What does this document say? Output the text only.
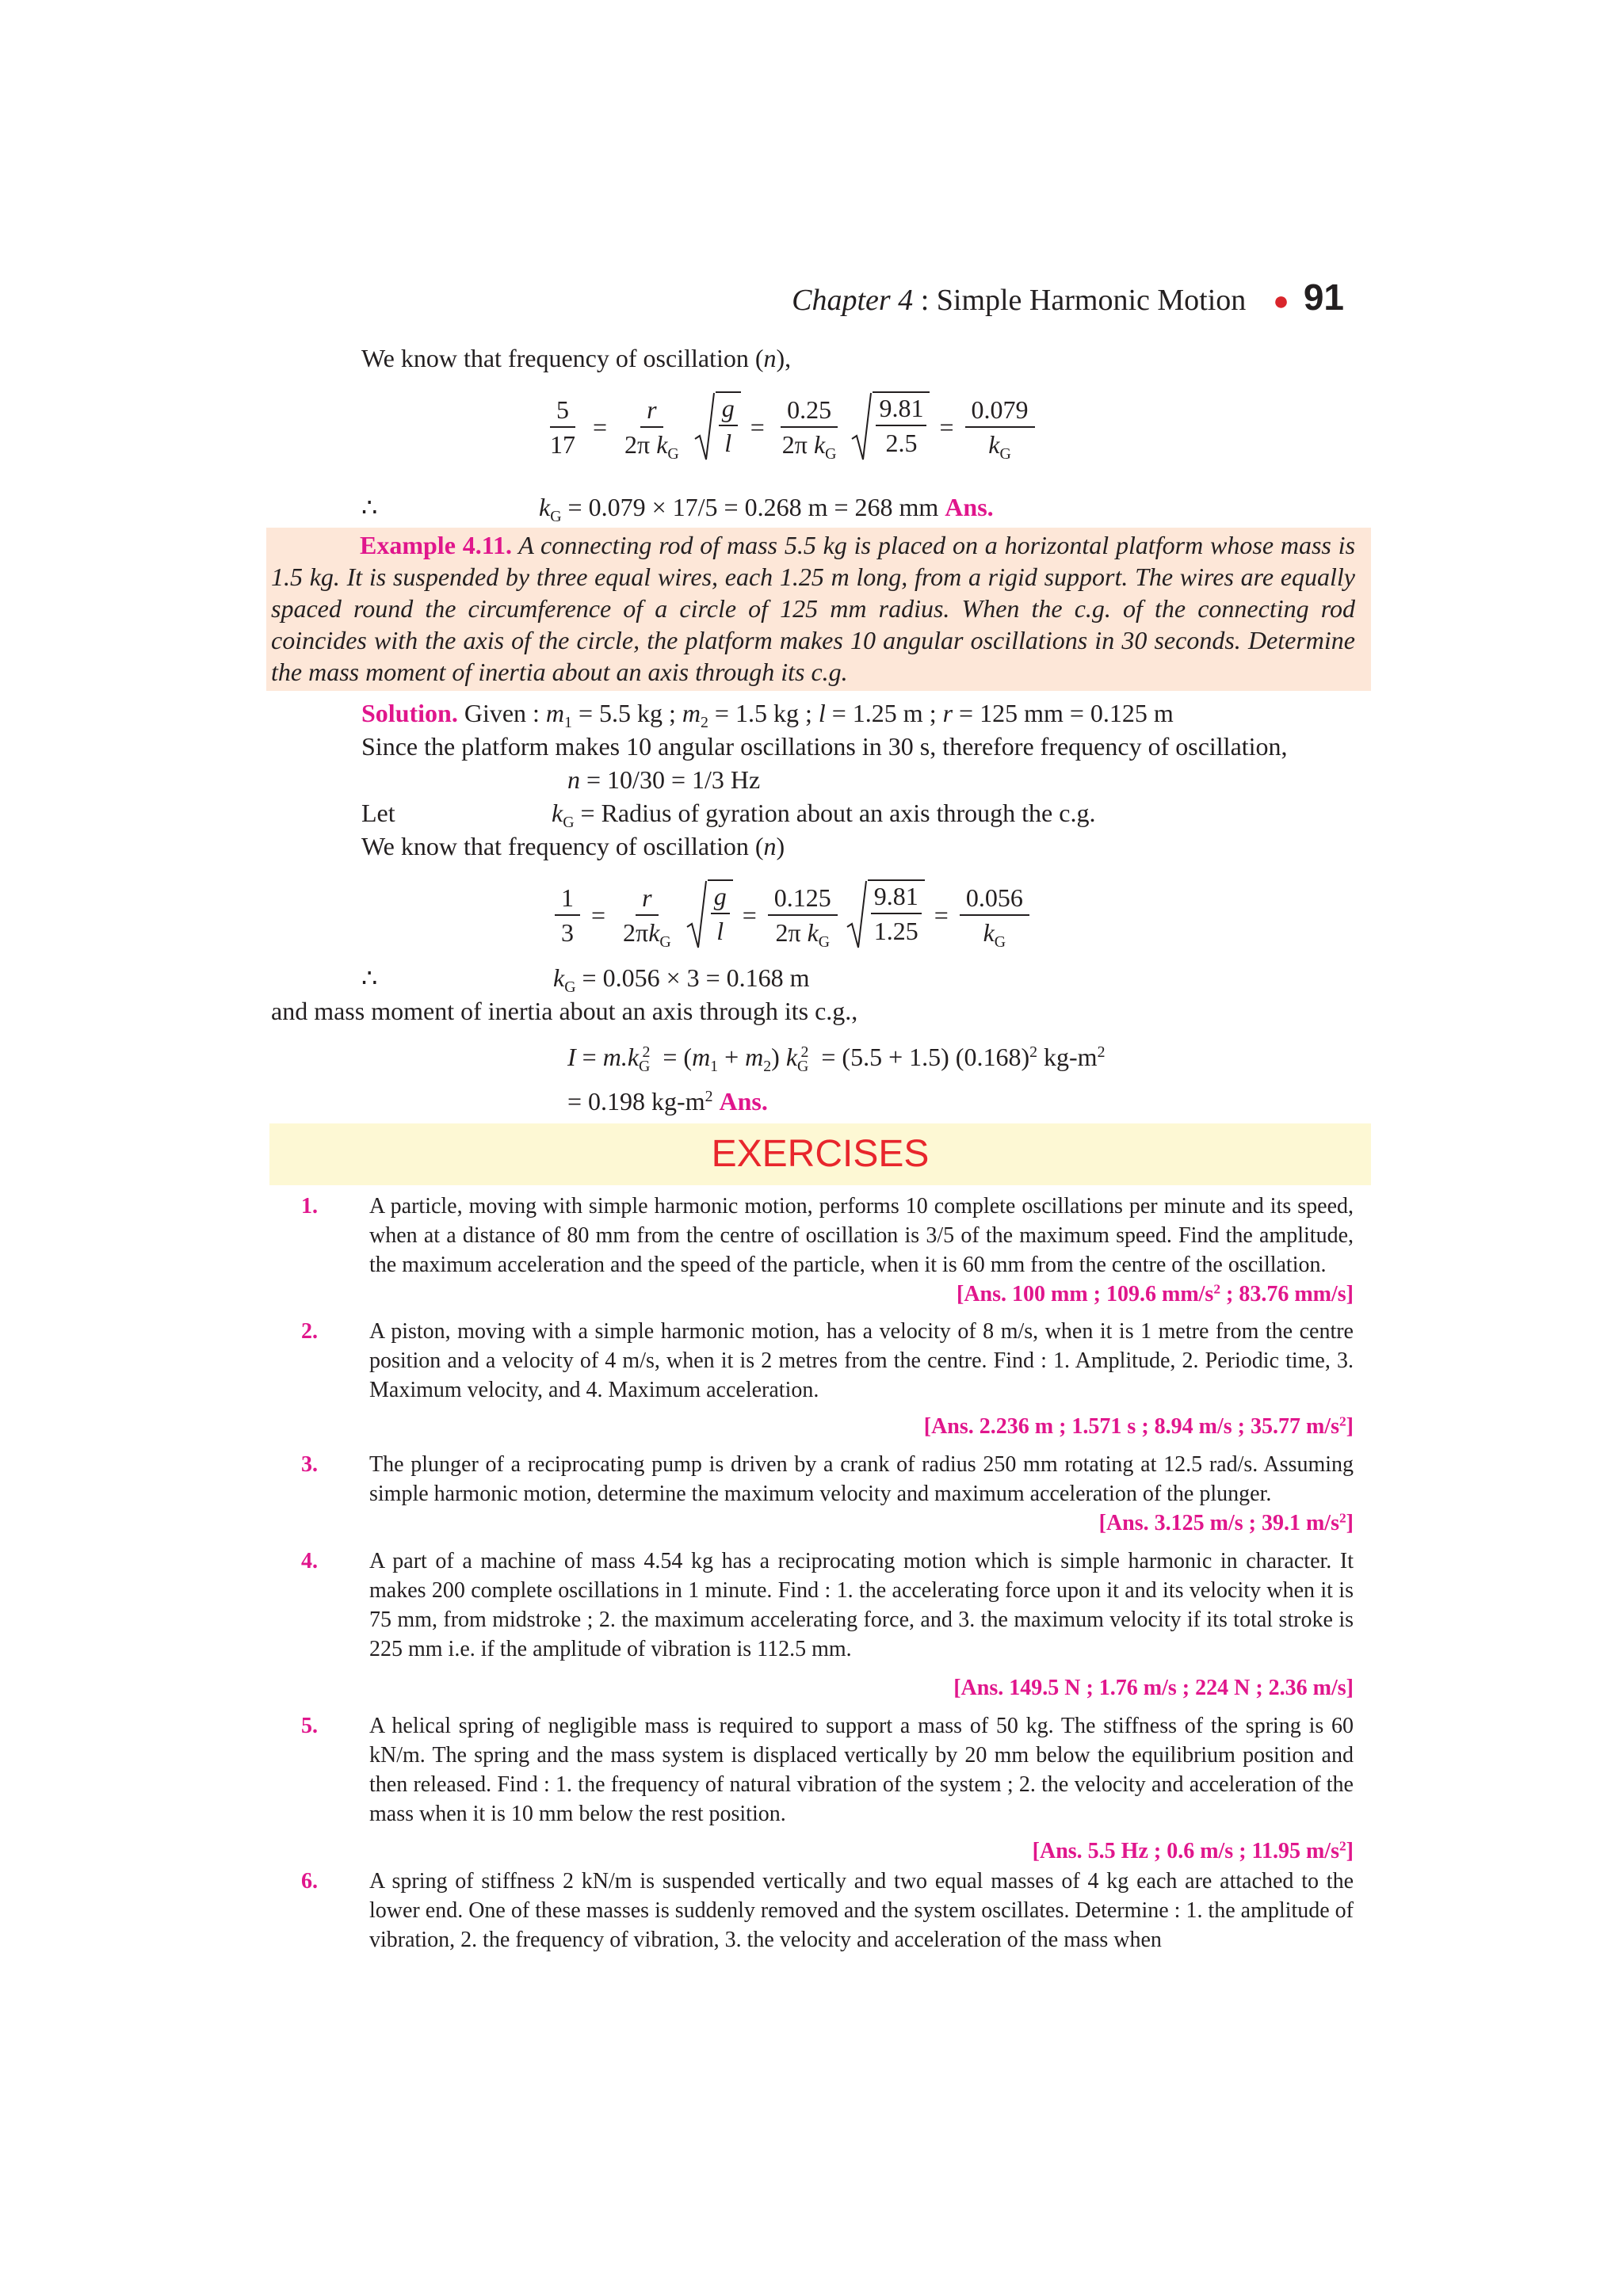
Chapter 4 : Simple Harmonic Motion ● 91
We know that frequency of oscillation (n),
$\frac{5}{17} = \frac{r}{2\pi k_G}$ g
l
= $\frac{0.25}{2\pi k_G} 9.81$
2.5
= $\frac{0.079}{k_G}$
∴	$k_G = 0.079 \times 17/5 = 0.268$ m = 268 mm Ans.
Example 4.11. A connecting rod of mass 5.5 kg is placed on a horizontal platform whose mass is 1.5 kg. It is suspended by three equal wires, each 1.25 m long, from a rigid support. The wires are equally spaced round the circumference of a circle of 125 mm radius. When the c.g. of the connecting rod coincides with the axis of the circle, the platform makes 10 angular oscillations in 30 seconds. Determine the mass moment of inertia about an axis through its c.g.
Solution. Given : $m_1 = 5.5$ kg ; $m_2 = 1.5$ kg ; l = 1.25 m ; r = 125 mm = 0.125 m
Since the platform makes 10 angular oscillations in 30 s, therefore frequency of oscillation,
n = 10/30 = 1/3 Hz
Let	$k_G$ = Radius of gyration about an axis through the c.g.
We know that frequency of oscillation (n)
$\frac{1}{3} = \frac{r}{2\pi k_G}$ g
l
= $\frac{0.125}{2\pi k_G} 9.81$
1.25
= $\frac{0.056}{k_G}$
∴	$k_G = 0.056 \times 3 = 0.168$ m
and mass moment of inertia about an axis through its c.g.,
$I = m.k_G^2 = (m_1 + m_2) k_G^2 = (5.5 + 1.5)$ $(0.168)^2$ $kg-m^2$
= 0.198 $kg-m^2$ Ans.
EXERCISES
1. A particle, moving with simple harmonic motion, performs 10 complete oscillations per minute and its speed, when at a distance of 80 mm from the centre of oscillation is 3/5 of the maximum speed. Find the amplitude, the maximum acceleration and the speed of the particle, when it is 60 mm from the centre of the oscillation.
[Ans. 100 mm ; 109.6 $mm/s^2$ ; 83.76 mm/s]
2. A piston, moving with a simple harmonic motion, has a velocity of 8 m/s, when it is 1 metre from the centre position and a velocity of 4 m/s, when it is 2 metres from the centre. Find : 1. Amplitude, 2. Periodic time, 3. Maximum velocity, and 4. Maximum acceleration.
[Ans. 2.236 m ; 1.571 s ; 8.94 m/s ; 35.77 $m/s^2$]
3. The plunger of a reciprocating pump is driven by a crank of radius 250 mm rotating at 12.5 rad/s. Assuming simple harmonic motion, determine the maximum velocity and maximum acceleration of the plunger.
[Ans. 3.125 m/s ; 39.1 $m/s^2$]
4. A part of a machine of mass 4.54 kg has a reciprocating motion which is simple harmonic in character. It makes 200 complete oscillations in 1 minute. Find : 1. the accelerating force upon it and its velocity when it is 75 mm, from midstroke ; 2. the maximum accelerating force, and 3. the maximum velocity if its total stroke is 225 mm i.e. if the amplitude of vibration is 112.5 mm.
[Ans. 149.5 N ; 1.76 m/s ; 224 N ; 2.36 m/s]
5. A helical spring of negligible mass is required to support a mass of 50 kg. The stiffness of the spring is 60 kN/m. The spring and the mass system is displaced vertically by 20 mm below the equilibrium position and then released. Find : 1. the frequency of natural vibration of the system ; 2. the velocity and acceleration of the mass when it is 10 mm below the rest position.
[Ans. 5.5 Hz ; 0.6 m/s ; 11.95 $m/s^2$]
6. A spring of stiffness 2 kN/m is suspended vertically and two equal masses of 4 kg each are attached to the lower end. One of these masses is suddenly removed and the system oscillates. Determine : 1. the amplitude of vibration, 2. the frequency of vibration, 3. the velocity and acceleration of the mass when
